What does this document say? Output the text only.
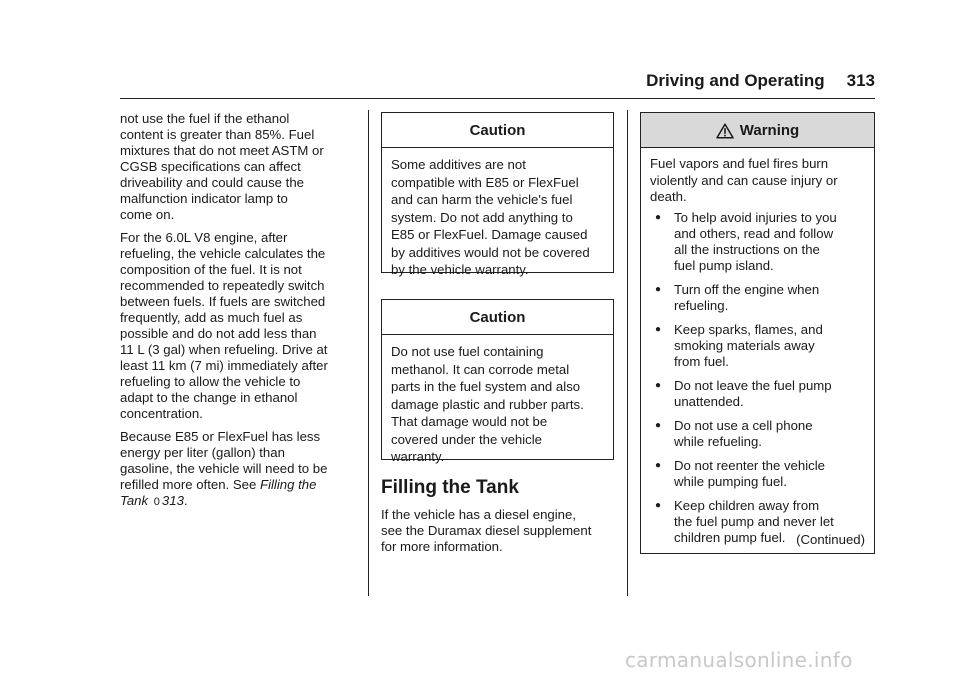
Driving and Operating 313

not use the fuel if the ethanol
content is greater than 85%. Fuel
mixtures that do not meet ASTM or
CGSB specifications can affect
driveability and could cause the
malfunction indicator lamp to
come on.

For the 6.0L V8 engine, after
refueling, the vehicle calculates the
composition of the fuel. It is not
recommended to repeatedly switch
between fuels. If fuels are switched
frequently, add as much fuel as
possible and do not add less than
11 L (3 gal) when refueling. Drive at
least 11 km (7 mi) immediately after
refueling to allow the vehicle to
adapt to the change in ethanol
concentration.

Because E85 or FlexFuel has less
energy per liter (gallon) than
gasoline, the vehicle will need to be
refilled more often. See Filling the
Tank 0 313.

Caution
Some additives are not
compatible with E85 or FlexFuel
and can harm the vehicle's fuel
system. Do not add anything to
E85 or FlexFuel. Damage caused
by additives would not be covered
by the vehicle warranty.
Caution
Do not use fuel containing
methanol. It can corrode metal
parts in the fuel system and also
damage plastic and rubber parts.
That damage would not be
covered under the vehicle
warranty.
Filling the Tank
If the vehicle has a diesel engine,
see the Duramax diesel supplement
for more information.
Warning
Fuel vapors and fuel fires burn
violently and can cause injury or
death.
● To help avoid injuries to you
and others, read and follow
all the instructions on the
fuel pump island.
● Turn off the engine when
refueling.
● Keep sparks, flames, and
smoking materials away
from fuel.
● Do not leave the fuel pump
unattended.
● Do not use a cell phone
while refueling.
● Do not reenter the vehicle
while pumping fuel.
● Keep children away from
the fuel pump and never let
children pump fuel. (Continued)
carmanualsonline.info
